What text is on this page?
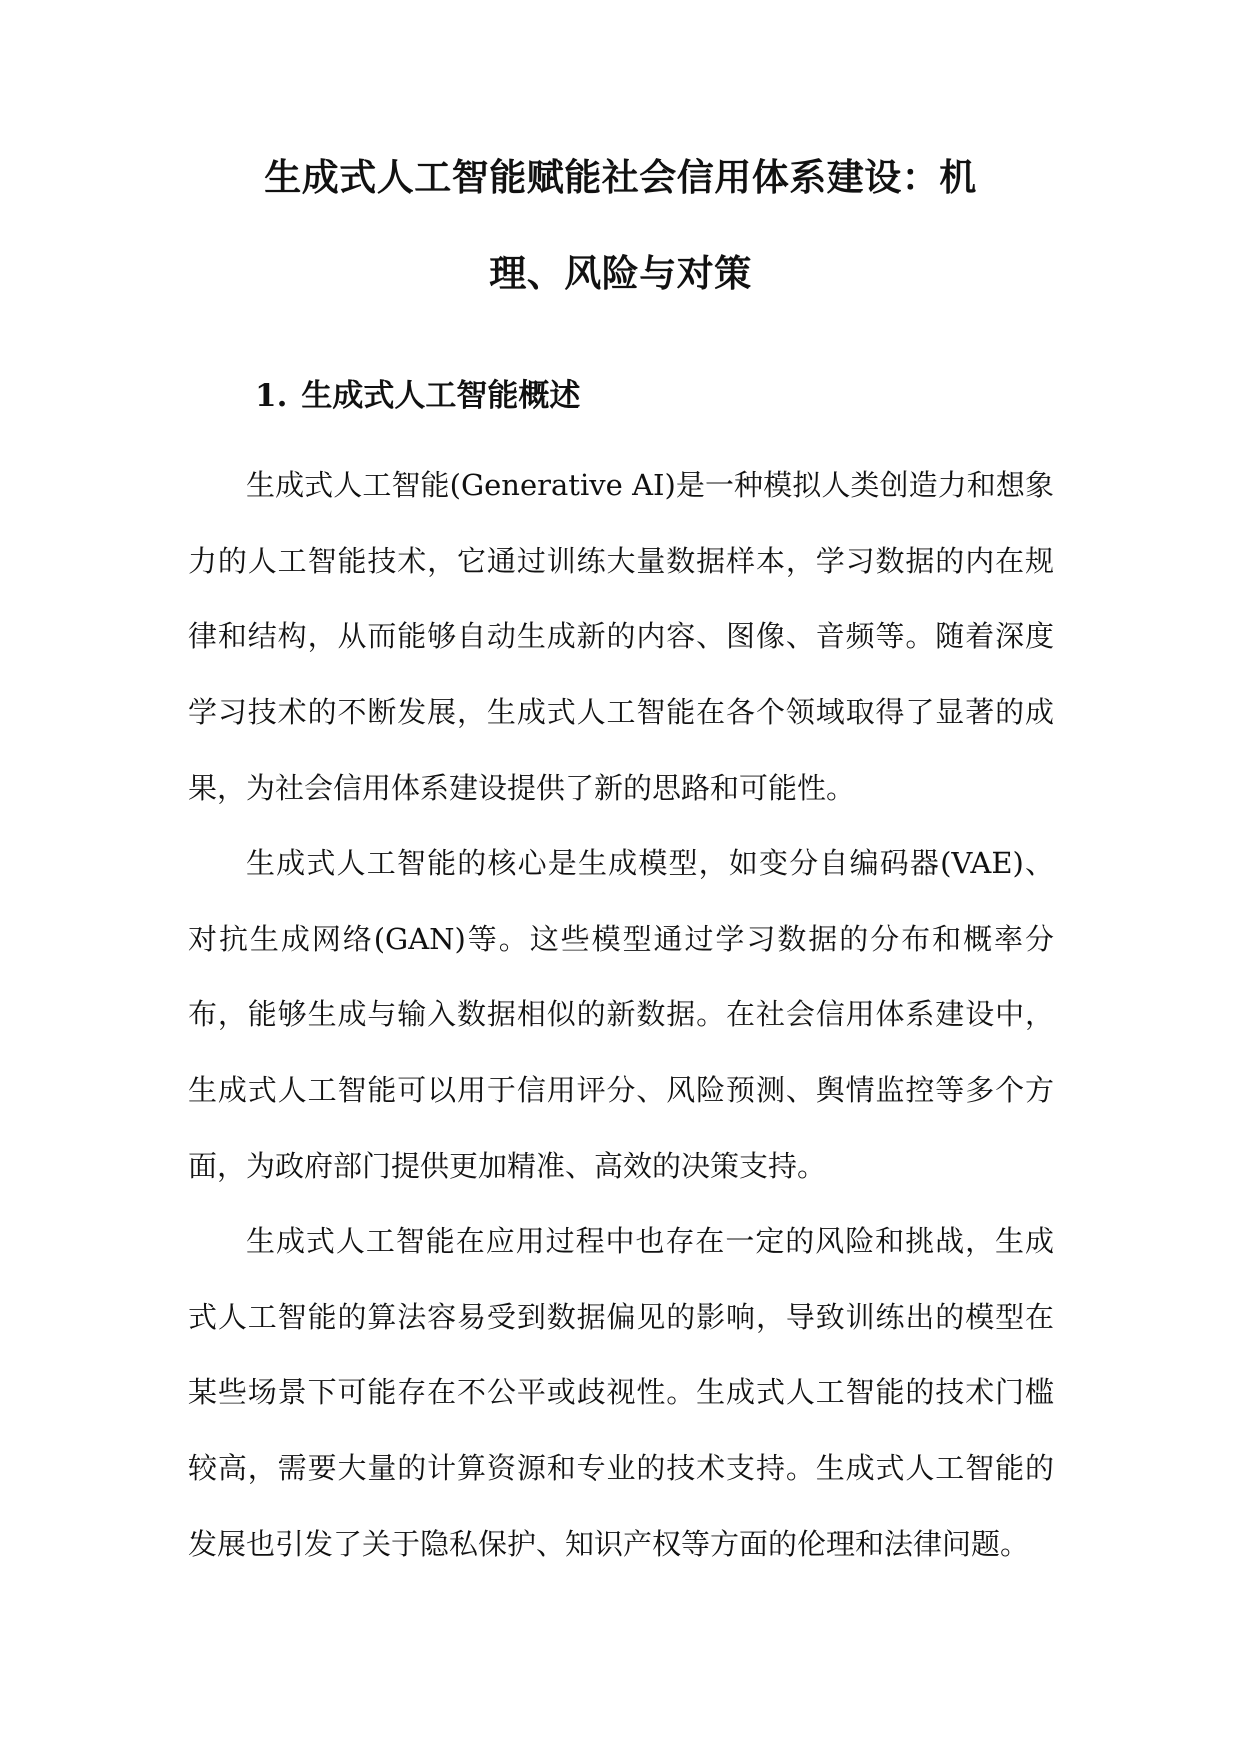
生成式人工智能赋能社会信用体系建设：机
理、风险与对策
1. 生成式人工智能概述

生成式人工智能(Generative AI)是一种模拟人类创造力和想象力的人工智能技术，它通过训练大量数据样本，学习数据的内在规律和结构，从而能够自动生成新的内容、图像、音频等。随着深度学习技术的不断发展，生成式人工智能在各个领域取得了显著的成果，为社会信用体系建设提供了新的思路和可能性。

生成式人工智能的核心是生成模型，如变分自编码器(VAE)、对抗生成网络(GAN)等。这些模型通过学习数据的分布和概率分布，能够生成与输入数据相似的新数据。在社会信用体系建设中，生成式人工智能可以用于信用评分、风险预测、舆情监控等多个方面，为政府部门提供更加精准、高效的决策支持。

生成式人工智能在应用过程中也存在一定的风险和挑战，生成式人工智能的算法容易受到数据偏见的影响，导致训练出的模型在某些场景下可能存在不公平或歧视性。生成式人工智能的技术门槛较高，需要大量的计算资源和专业的技术支持。生成式人工智能的发展也引发了关于隐私保护、知识产权等方面的伦理和法律问题。
